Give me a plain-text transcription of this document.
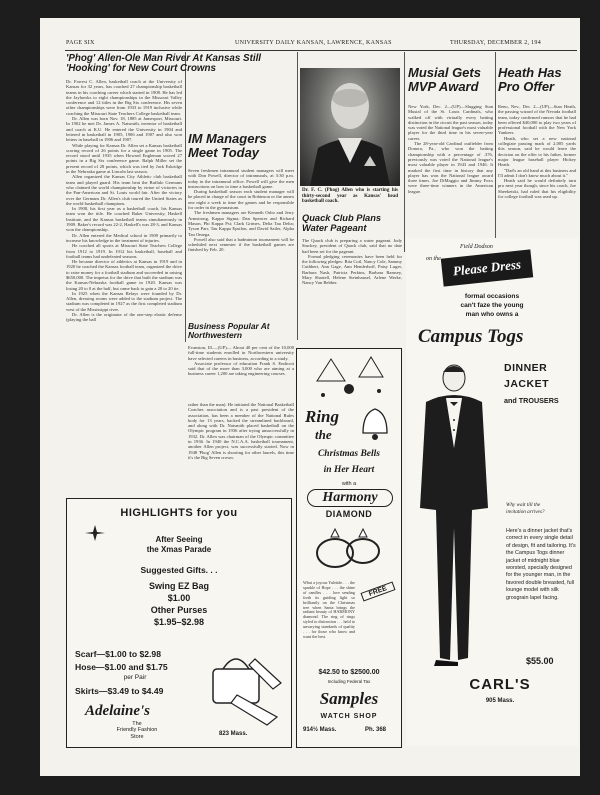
PAGE SIX	UNIVERSITY DAILY KANSAN, LAWRENCE, KANSAS	THURSDAY, DECEMBER 2, 194
'Phog' Allen-Ole Man River At Kansas Still 'Hooking' for New Court Crowns
Dr. Forrest C. Allen, basketball coach at the University of Kansas for 32 years, has coached 27 championship basketball teams in his coaching career which started in 1908. He has led the Jayhawks to eight championships in the Missouri Valley conference and 12 titles in the Big Six conference. His seven other championships were from 1933 to 1919 inclusive while coaching the Missouri State Teachers College basketball team.
Dr. Allen was born Nov. 18, 1885 at Jamesport, Missouri. In 1902 he met Dr. James A. Naismith, inventor of basketball and coach at K.U. He entered the University in 1904 and lettered in basketball in 1905, 1906 and 1907 and also won letters in baseball in 1906 and 1907.
While playing for Kansas Dr. Allen set a Kansas basketball scoring record of 26 points for a single game in 1905. The record stood until 1935 when Howard Engleman scored 27 points in a Big Six conference game. Ralph Miller set the present record of 28 points, which was tied by Jack Eskridge in the Nebraska game at Lincoln last season.
Allen organized the Kansas City Athletic club basketball team and played guard. His team beat the Buffalo Germans who claimed the world championship by virtue of victories in the Pan-American and St. Louis world fair. After the victory over the Germans Dr. Allen's club toured the United States as the world basketball champions.
In 1908, his first year as a basketball coach, his Kansas team won the title. He coached Baker University, Haskell Institute, and the Kansas basketball teams simultaneously in 1909. Baker's record was 22-2, Haskell's was 28-3, and Kansas won the championship.
Dr. Allen entered the Medical school in 1909 primarily to increase his knowledge in the treatment of injuries.
He coached all sports at Missouri State Teachers College from 1912 to 1919. In 1912 his basketball, baseball and football teams had undefeated seasons.
He became director of athletics at Kansas in 1919 and in 1920 he coached the Kansas football team, organized the drive to raise money for a football stadium and succeeded in raising $650,000. The impetus for the drive that built the stadium was the Kansas-Nebraska football game in 1920. Kansas was losing 20 to 0 at the half, but came back to gain a 20 to 20 tie.
In 1925 when the Kansas Relays were founded by Dr. Allen, dressing rooms were added to the stadium project. The stadium was completed in 1927 as the first completed stadium west of the Mississippi river.
Dr. Allen is the originator of the one-step elastic defense (playing the ball
IM Managers Meet Today
Seven freshmen intramural student managers will meet with Don Powell, director of intramurals, at 3:30 p.m. today in the intramural office. Powell will give the men instructions on how to time a basketball game.
During basketball season each student manager will be placed in charge of the court in Robinson or the annex one night a week to time the games and be responsible for order in the gymnasium.
The freshmen managers are Kenneth Osbo and Jerry Armstrong, Kappa Sigma; Dan Spencer and Richard Mason, Phi Kappa Psi; Clark Grimes, Delta Tau Delta; Tyson Parr, Tau Kappa Epsilon, and David Sailer, Alpha Tau Omega.
Powell also said that a badminton tournament will be scheduled next semester if the basketball games are finished by Feb. 20.
Business Popular At Northwestern
Evanston, Ill.—(UP)— About 40 per cent of the 10,000 full-time students enrolled in Northwestern university have selected careers in business, according to a study.
Associate professor of education Frank S. Endicott said that of the more than 3,000 who are aiming at a business career 1,200 are taking engineering courses.
rather than the man). He initiated the National Basketball Coaches association and is a past president of the association, has been a member of the National Rules body for 13 years, backed the streamlined backboard, and along with Dr. Naismith placed basketball on the Olympic program in 1936 after trying unsuccessfully in 1932. Dr. Allen was chairman of the Olympic committee in 1936. In 1940 the N.C.A.A. basketball tournament, another Allen project, was successfully started. Now in 1948 'Phog' Allen is shooting for other laurels, this time it's the Big Seven crown.
Dr. F. C. (Phog) Allen who is starting his thirty-second year as Kansas' head basketball coach.
Quack Club Plans Water Pageant
The Quack club is preparing a water pageant. Jody Stuckey, president of Quack club, said that no date had been set for the pageant.
Formal pledging ceremonies have been held for the following pledges: Rita Coil, Nancy Cole, Sammy Cuthbert, Ann Gage, Ann Henderhoff, Patsy Luger, Barbara Nash, Patricia Perkins, Barbara Ramsey, Mary Shartell, Helene Steinhausel, Arlene Werke, Nancy Van Bebber.
Musial Gets MVP Award
New York, Dec. 2—(UP)—Slugging Stan Musial of the St. Louis Cardinals, who walked off with virtually every batting distinction in the circuit the past season, today was voted the National league's most valuable player for the third time in his seven-year career.
The 28-year-old Cardinal outfielder from Donora, Pa., who won the batting championship with a percentage of .376, previously was voted the National league's most valuable player in 1943 and 1946. It marked the first time in history that any player has won the National league award three times. Joe DiMaggio and Jimmy Foxx were three-time winners in the American league.
Heath Has Pro Offer
Reno, Nev., Dec. 2—(UP)—Stan Heath, the passing wizard of the Nevada football team, today confirmed rumors that he had been offered $40,000 to play two years of professional football with the New York Yankees.
Heath, who set a new national collegiate passing mark of 2,005 yards this season, said he would leave the decision on the offer to his father, former major league baseball player Hickey Heath.
"Dad's an old hand at this business and I'll admit I don't know much about it."
Heath said he would definitely turn pro next year though, since his coach, Joe Sheeketski, had ruled that his eligibility for college football was used up.
HIGHLIGHTS for you
After Seeing
the Xmas Parade
Suggested Gifts. . .
Swing EZ Bag
$1.00
Other Purses
$1.95–$2.98
Scarf—$1.00 to $2.98
Hose—$1.00 and $1.75
per Pair
Skirts—$3.49 to $4.49
Adelaine's
The
Friendly Fashion
Store	823 Mass.
Ring
the
Christmas Bells
in Her Heart
with a
Harmony
DIAMOND
What a joyous Yuletide . . . the sparkle of Hope . . . the shine of candles . . . love sending forth its guiding light so brilliantly on the Christmas tree when Santa brings the radiant beauty of HARMONY diamond. The ring of rings styled to distinction . . . held to unvarying standards of quality . . . for those who know and want the best.
FREE
$42.50 to $2500.00
Including Federal Tax
Samples
WATCH SHOP
914½ Mass.	Ph. 368
on the
Field Dodson
Please Dress
formal occasions
can't faze the young
man who owns a
Campus Togs
DINNER
JACKET
and TROUSERS
Why wait till the
invitation arrives?
Here's a dinner jacket that's correct in every single detail of design, fit and tailoring. It's the Campus Togs dinner jacket of midnight blue worsted, specially designed for the younger man, in the favored double breasted, full lounge model with silk grosgrain lapel facing.
$55.00
CARL'S
905 Mass.
